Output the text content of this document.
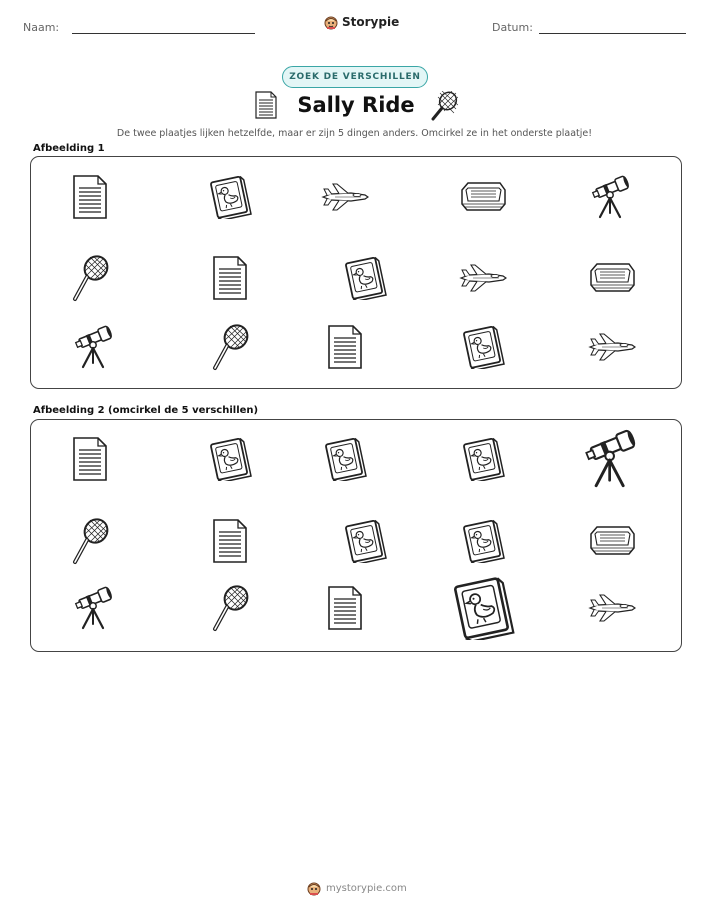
Naam:	Storypie	Datum:
ZOEK DE VERSCHILLEN
Sally Ride
De twee plaatjes lijken hetzelfde, maar er zijn 5 dingen anders. Omcirkel ze in het onderste plaatje!
Afbeelding 1
Afbeelding 2 (omcirkel de 5 verschillen)
mystorypie.com
